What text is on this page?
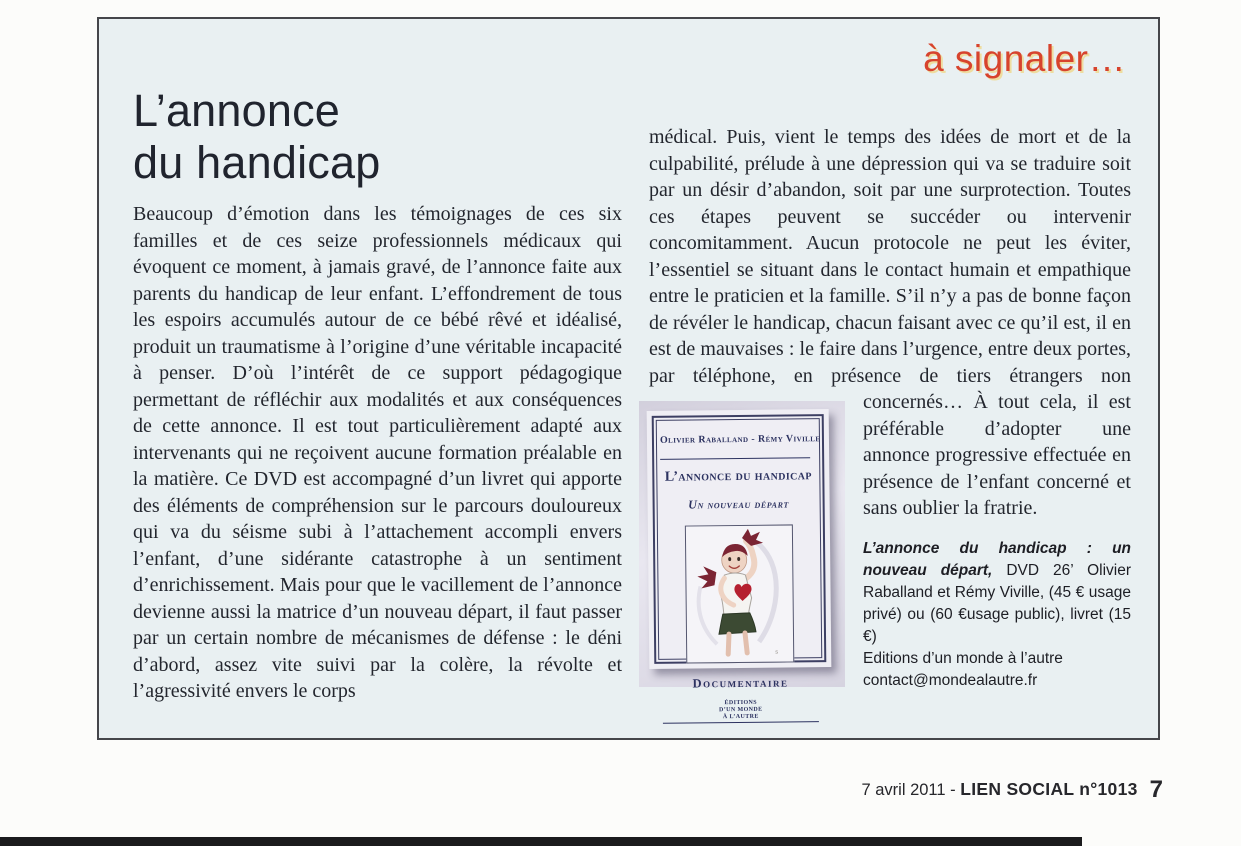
à signaler…
L’annonce
du handicap

Beaucoup d’émotion dans les témoignages de ces six familles et de ces seize professionnels médicaux qui évoquent ce moment, à jamais gravé, de l’annonce faite aux parents du handicap de leur enfant. L’effondrement de tous les espoirs accumulés autour de ce bébé rêvé et idéalisé, produit un traumatisme à l’origine d’une véritable incapacité à penser. D’où l’intérêt de ce support pédagogique permettant de réfléchir aux modalités et aux conséquences de cette annonce. Il est tout particulièrement adapté aux intervenants qui ne reçoivent aucune formation préalable en la matière. Ce DVD est accompagné d’un livret qui apporte des éléments de compréhension sur le parcours douloureux qui va du séisme subi à l’attachement accompli envers l’enfant, d’une sidérante catastrophe à un sentiment d’enrichissement. Mais pour que le vacillement de l’annonce devienne aussi la matrice d’un nouveau départ, il faut passer par un certain nombre de mécanismes de défense : le déni d’abord, assez vite suivi par la colère, la révolte et l’agressivité envers le corps

médical. Puis, vient le temps des idées de mort et de la culpabilité, prélude à une dépression qui va se traduire soit par un désir d’abandon, soit par une surprotection. Toutes ces étapes peuvent se succéder ou intervenir concomitamment. Aucun protocole ne peut les éviter, l’essentiel se situant dans le contact humain et empathique entre le praticien et la famille. S’il n’y a pas de bonne façon de révéler le handicap, chacun faisant avec ce qu’il est, il en est de mauvaises : le faire dans l’urgence, entre deux portes, par téléphone, en présence de tiers étrangers non concernés… À tout
Olivier Raballand - Rémy Viville
L’annonce du handicap
Un nouveau départ
s
Documentaire
ÉDITIONS
D’UN MONDE
À L’AUTRE
cela, il est préférable d’adopter une annonce progressive effectuée en présence de l’enfant concerné et sans oublier la fratrie.

L’annonce du handicap : un nouveau départ, DVD 26’ Olivier Raballand et Rémy Viville, (45 € usage privé) ou (60 €usage public), livret (15 €)

Editions d’un monde à l’autre

contact@mondealautre.fr

7 avril 2011 - LIEN SOCIAL n°1013 7
